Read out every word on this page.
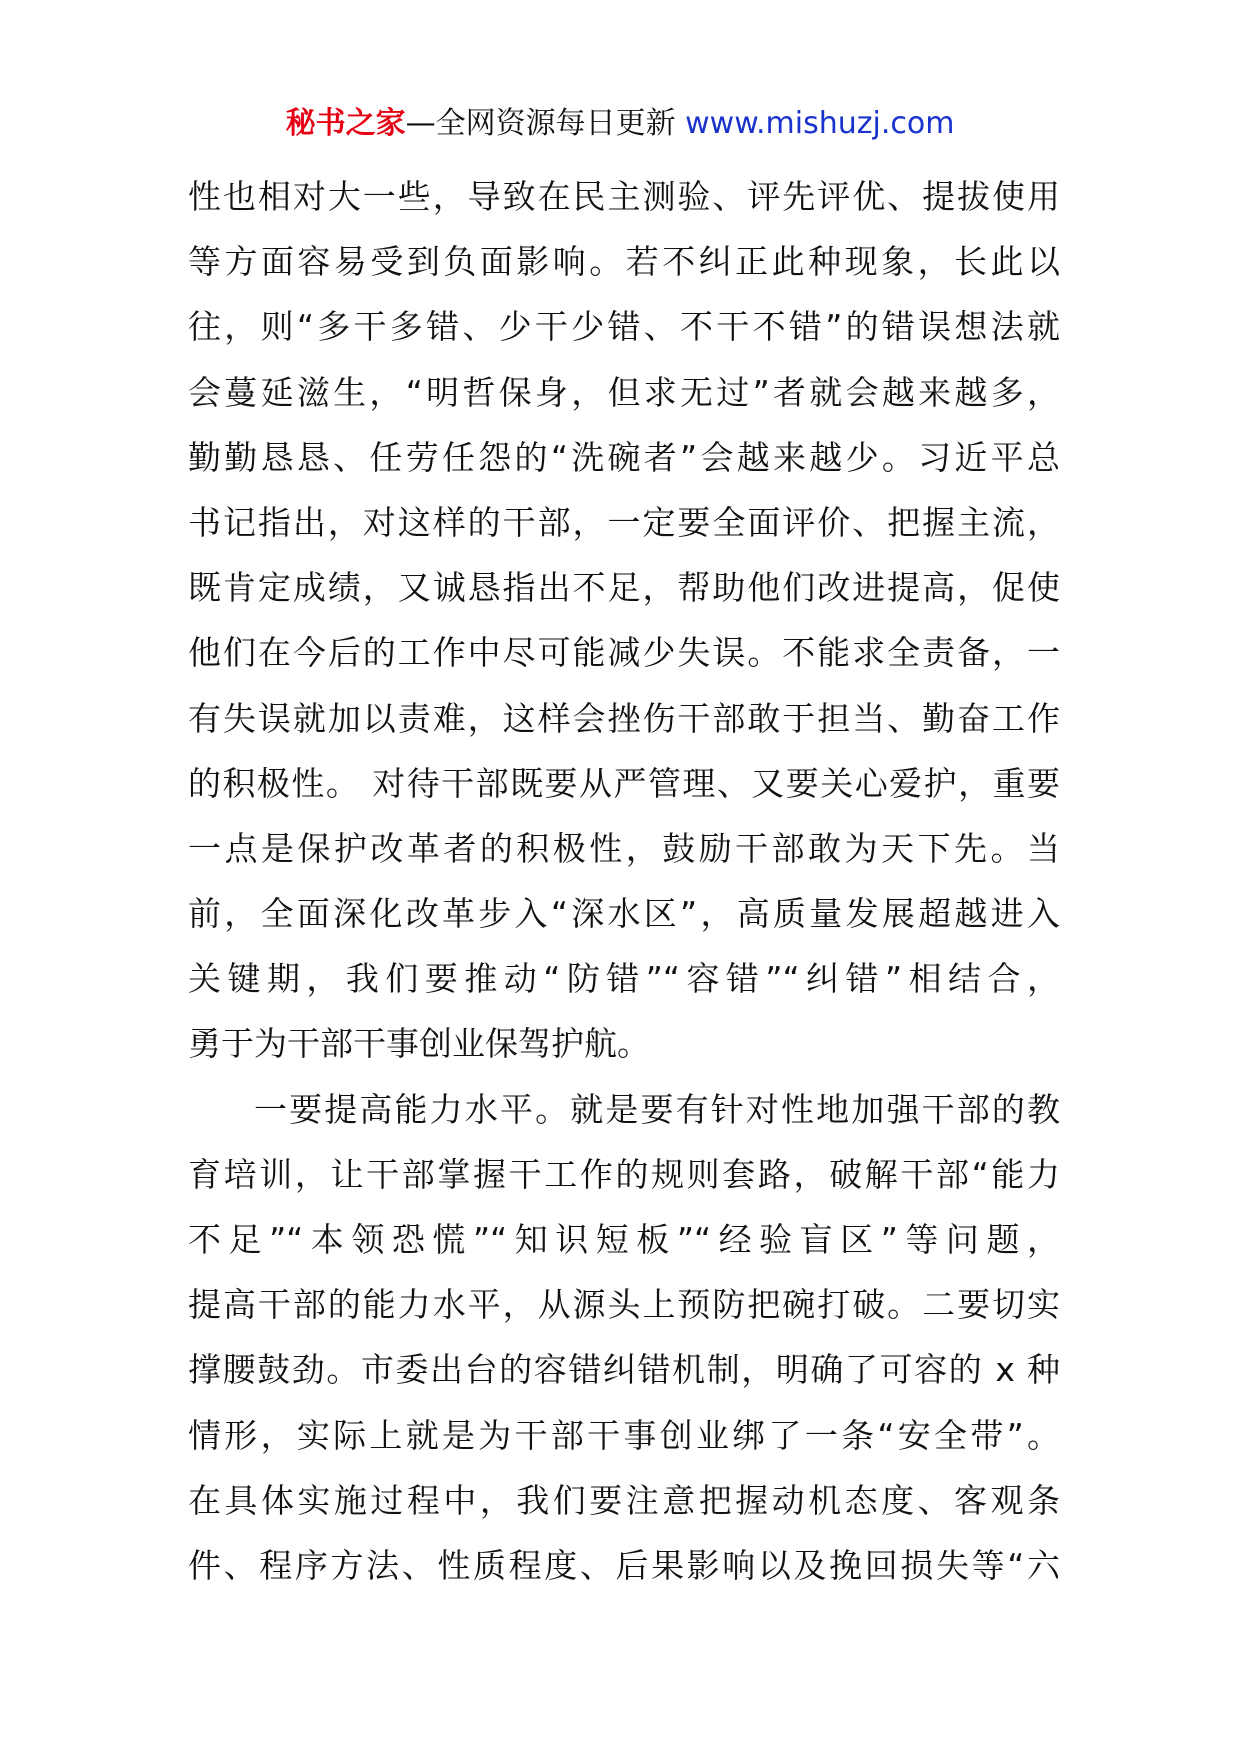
秘书之家—全网资源每日更新 www.mishuzj.com
性也相对大一些，导致在民主测验、评先评优、提拔使用
等方面容易受到负面影响。若不纠正此种现象，长此以
往，则“多干多错、少干少错、不干不错”的错误想法就
会蔓延滋生，“明哲保身，但求无过”者就会越来越多，
勤勤恳恳、任劳任怨的“洗碗者”会越来越少。习近平总
书记指出，对这样的干部，一定要全面评价、把握主流，
既肯定成绩，又诚恳指出不足，帮助他们改进提高，促使
他们在今后的工作中尽可能减少失误。不能求全责备，一
有失误就加以责难，这样会挫伤干部敢于担当、勤奋工作
的积极性。 对待干部既要从严管理、又要关心爱护，重要
一点是保护改革者的积极性，鼓励干部敢为天下先。当
前，全面深化改革步入“深水区”，高质量发展超越进入
关键期，我们要推动“防错”“容错”“纠错”相结合，
勇于为干部干事创业保驾护航。
一要提高能力水平。就是要有针对性地加强干部的教
育培训，让干部掌握干工作的规则套路，破解干部“能力
不足”“本领恐慌”“知识短板”“经验盲区”等问题，
提高干部的能力水平，从源头上预防把碗打破。二要切实
撑腰鼓劲。市委出台的容错纠错机制，明确了可容的 x 种
情形，实际上就是为干部干事创业绑了一条“安全带”。
在具体实施过程中，我们要注意把握动机态度、客观条
件、程序方法、性质程度、后果影响以及挽回损失等“六
